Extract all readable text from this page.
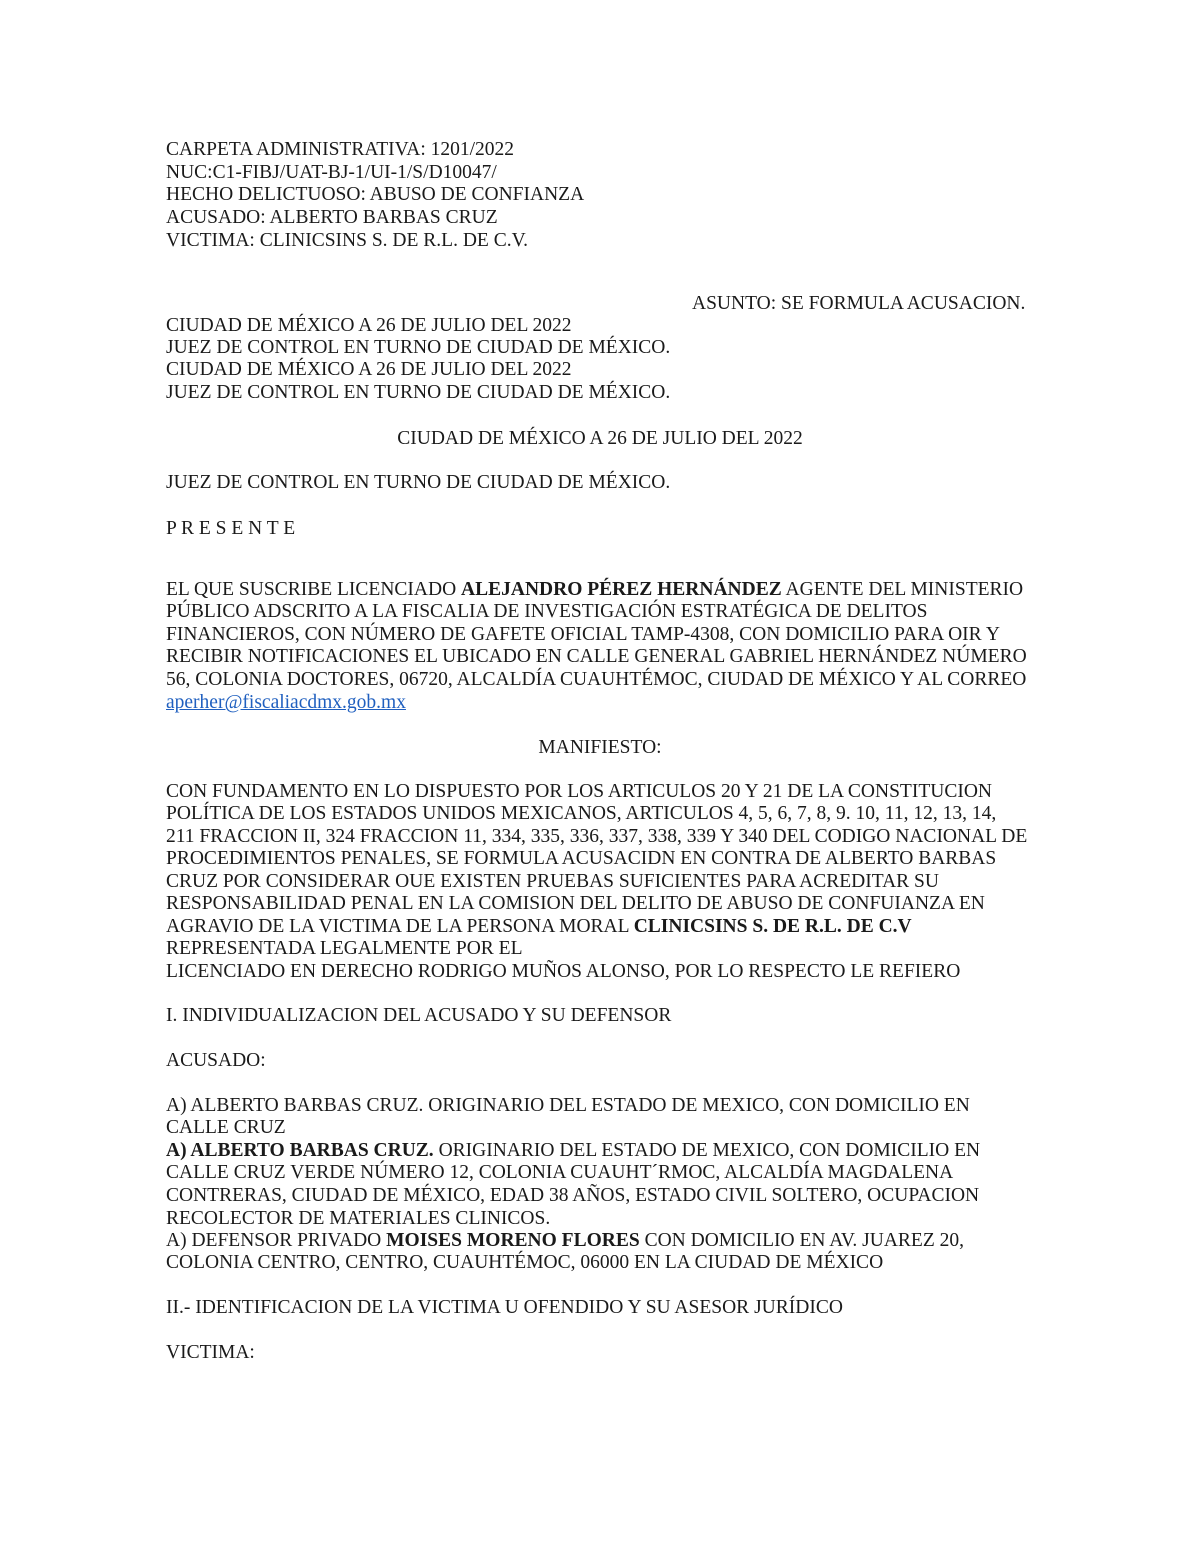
CARPETA ADMINISTRATIVA: 1201/2022
NUC:C1-FIBJ/UAT-BJ-1/UI-1/S/D10047/
HECHO DELICTUOSO: ABUSO DE CONFIANZA
ACUSADO: ALBERTO BARBAS CRUZ
VICTIMA: CLINICSINS S. DE R.L. DE C.V.
ASUNTO: SE FORMULA ACUSACION.
CIUDAD DE MÉXICO A 26 DE JULIO DEL 2022
JUEZ DE CONTROL EN TURNO DE CIUDAD DE MÉXICO.
CIUDAD DE MÉXICO A 26 DE JULIO DEL 2022
JUEZ DE CONTROL EN TURNO DE CIUDAD DE MÉXICO.
CIUDAD DE MÉXICO A 26 DE JULIO DEL 2022
JUEZ DE CONTROL EN TURNO DE CIUDAD DE MÉXICO.
P R E S E N T E
EL QUE SUSCRIBE LICENCIADO ALEJANDRO PÉREZ HERNÁNDEZ AGENTE DEL MINISTERIO
PÚBLICO ADSCRITO A LA FISCALIA DE INVESTIGACIÓN ESTRATÉGICA DE DELITOS
FINANCIEROS, CON NÚMERO DE GAFETE OFICIAL TAMP-4308, CON DOMICILIO PARA OIR Y
RECIBIR NOTIFICACIONES EL UBICADO EN CALLE GENERAL GABRIEL HERNÁNDEZ NÚMERO
56, COLONIA DOCTORES, 06720, ALCALDÍA CUAUHTÉMOC, CIUDAD DE MÉXICO Y AL CORREO
aperher@fiscaliacdmx.gob.mx
MANIFIESTO:
CON FUNDAMENTO EN LO DISPUESTO POR LOS ARTICULOS 20 Y 21 DE LA CONSTITUCION
POLÍTICA DE LOS ESTADOS UNIDOS MEXICANOS, ARTICULOS 4, 5, 6, 7, 8, 9. 10, 11, 12, 13, 14,
211 FRACCION II, 324 FRACCION 11, 334, 335, 336, 337, 338, 339 Y 340 DEL CODIGO NACIONAL DE
PROCEDIMIENTOS PENALES, SE FORMULA ACUSACIDN EN CONTRA DE ALBERTO BARBAS
CRUZ POR CONSIDERAR OUE EXISTEN PRUEBAS SUFICIENTES PARA ACREDITAR SU
RESPONSABILIDAD PENAL EN LA COMISION DEL DELITO DE ABUSO DE CONFUIANZA EN
AGRAVIO DE LA VICTIMA DE LA PERSONA MORAL CLINICSINS S. DE R.L. DE C.V
REPRESENTADA LEGALMENTE POR EL
LICENCIADO EN DERECHO RODRIGO MUÑOS ALONSO, POR LO RESPECTO LE REFIERO
I. INDIVIDUALIZACION DEL ACUSADO Y SU DEFENSOR
ACUSADO:
A) ALBERTO BARBAS CRUZ. ORIGINARIO DEL ESTADO DE MEXICO, CON DOMICILIO EN
CALLE CRUZ
A) ALBERTO BARBAS CRUZ. ORIGINARIO DEL ESTADO DE MEXICO, CON DOMICILIO EN
CALLE CRUZ VERDE NÚMERO 12, COLONIA CUAUHT´RMOC, ALCALDÍA MAGDALENA
CONTRERAS, CIUDAD DE MÉXICO, EDAD 38 AÑOS, ESTADO CIVIL SOLTERO, OCUPACION
RECOLECTOR DE MATERIALES CLINICOS.
A) DEFENSOR PRIVADO MOISES MORENO FLORES CON DOMICILIO EN AV. JUAREZ 20,
COLONIA CENTRO, CENTRO, CUAUHTÉMOC, 06000 EN LA CIUDAD DE MÉXICO
II.- IDENTIFICACION DE LA VICTIMA U OFENDIDO Y SU ASESOR JURÍDICO
VICTIMA:
